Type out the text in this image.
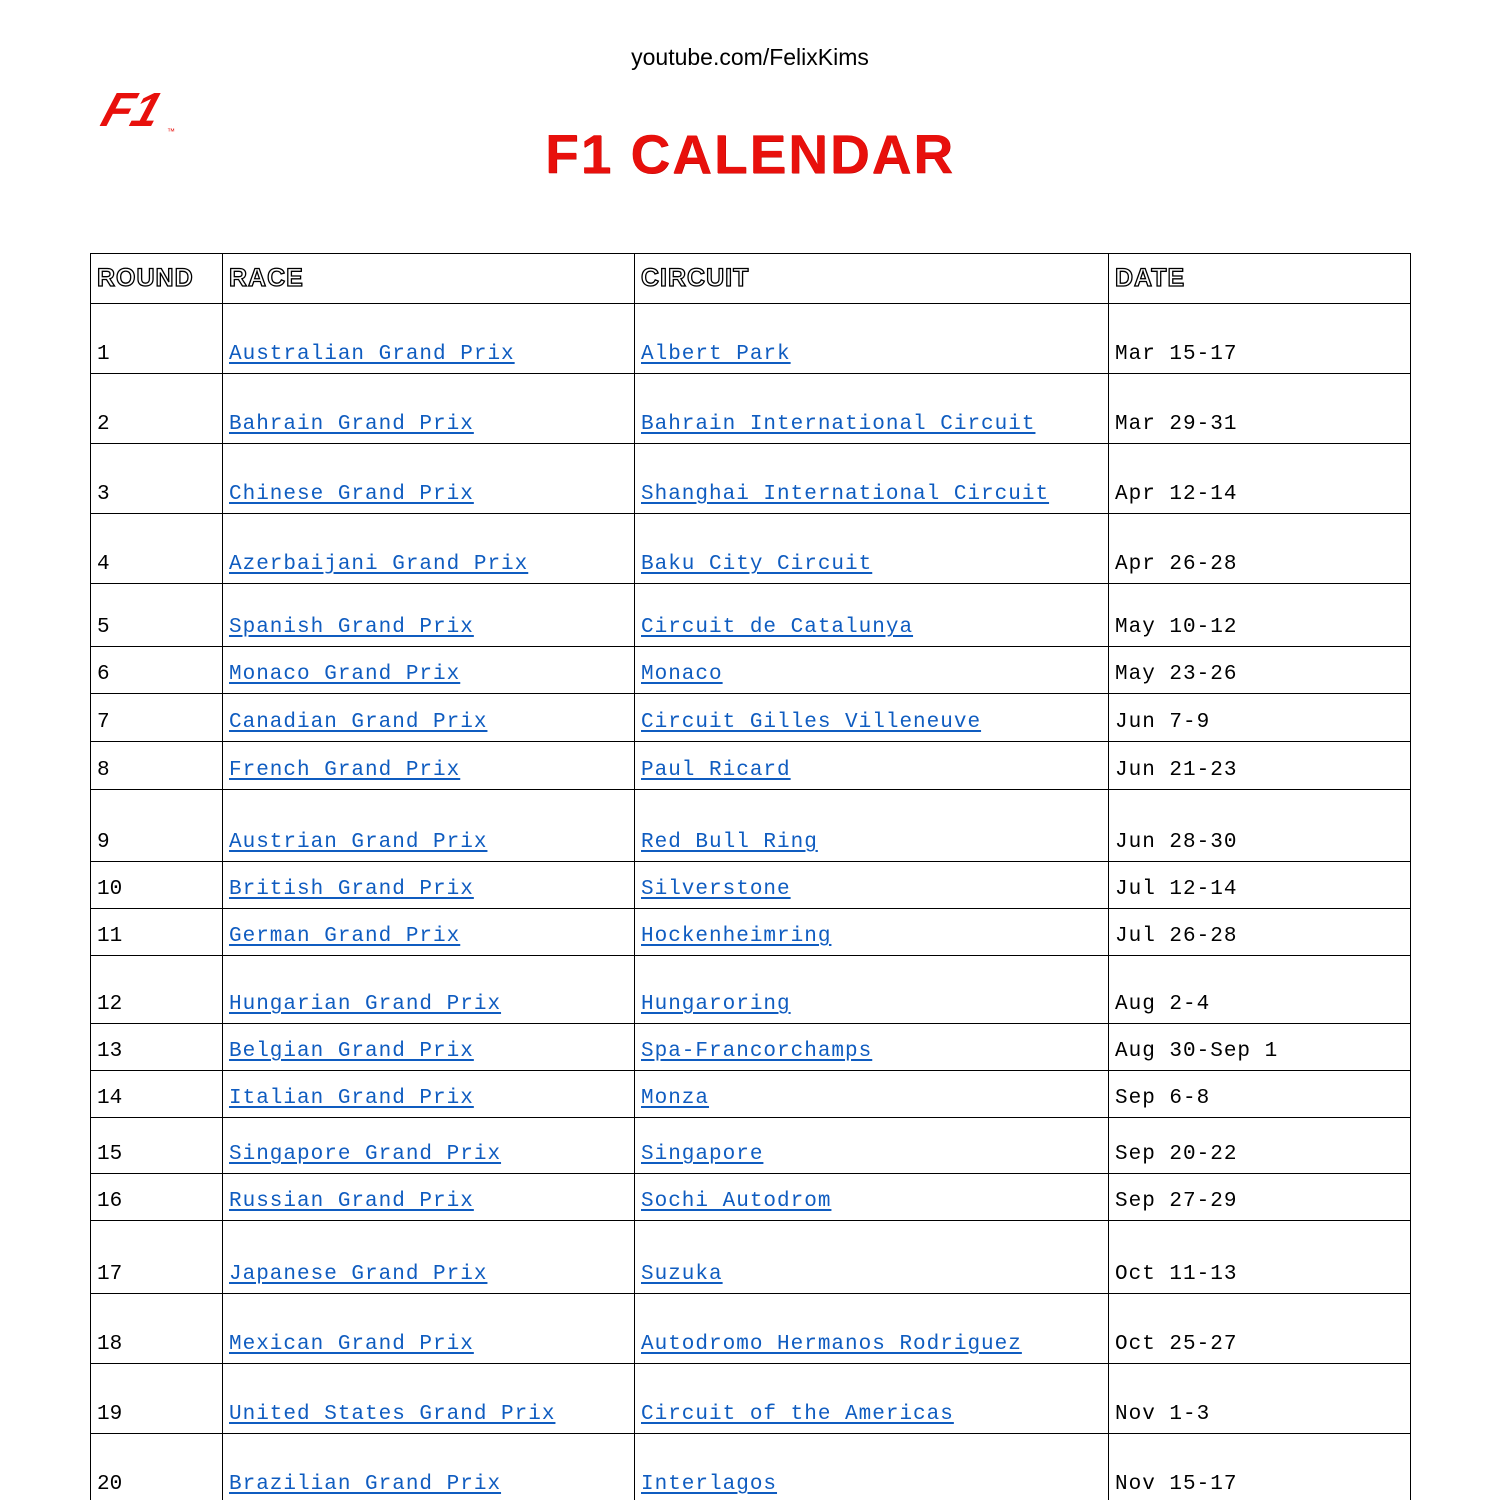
youtube.com/FelixKims
F1
™	F1 CALENDAR
ROUND	RACE	CIRCUIT	DATE
1	Australian Grand Prix	Albert Park	Mar 15-17
2	Bahrain Grand Prix	Bahrain International Circuit	Mar 29-31
3	Chinese Grand Prix	Shanghai International Circuit	Apr 12-14
4	Azerbaijani Grand Prix	Baku City Circuit	Apr 26-28
5	Spanish Grand Prix	Circuit de Catalunya	May 10-12
6	Monaco Grand Prix	Monaco	May 23-26
7	Canadian Grand Prix	Circuit Gilles Villeneuve	Jun 7-9
8	French Grand Prix	Paul Ricard	Jun 21-23
9	Austrian Grand Prix	Red Bull Ring	Jun 28-30
10	British Grand Prix	Silverstone	Jul 12-14
11	German Grand Prix	Hockenheimring	Jul 26-28
12	Hungarian Grand Prix	Hungaroring	Aug 2-4
13	Belgian Grand Prix	Spa-Francorchamps	Aug 30-Sep 1
14	Italian Grand Prix	Monza	Sep 6-8
15	Singapore Grand Prix	Singapore	Sep 20-22
16	Russian Grand Prix	Sochi Autodrom	Sep 27-29
17	Japanese Grand Prix	Suzuka	Oct 11-13
18	Mexican Grand Prix	Autodromo Hermanos Rodriguez	Oct 25-27
19	United States Grand Prix	Circuit of the Americas	Nov 1-3
20	Brazilian Grand Prix	Interlagos	Nov 15-17
